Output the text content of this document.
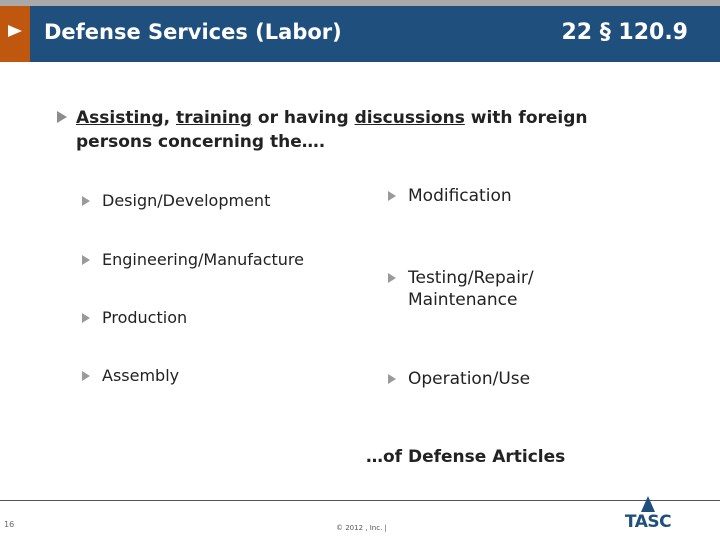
Defense Services (Labor)	22 § 120.9
Assisting, training or having discussions with foreign persons concerning the….
Design/Development
Engineering/Manufacture
Production
Assembly
Modification
Testing/Repair/
Maintenance
Operation/Use
…of Defense Articles
16	© 2012 , Inc. |	TASC
